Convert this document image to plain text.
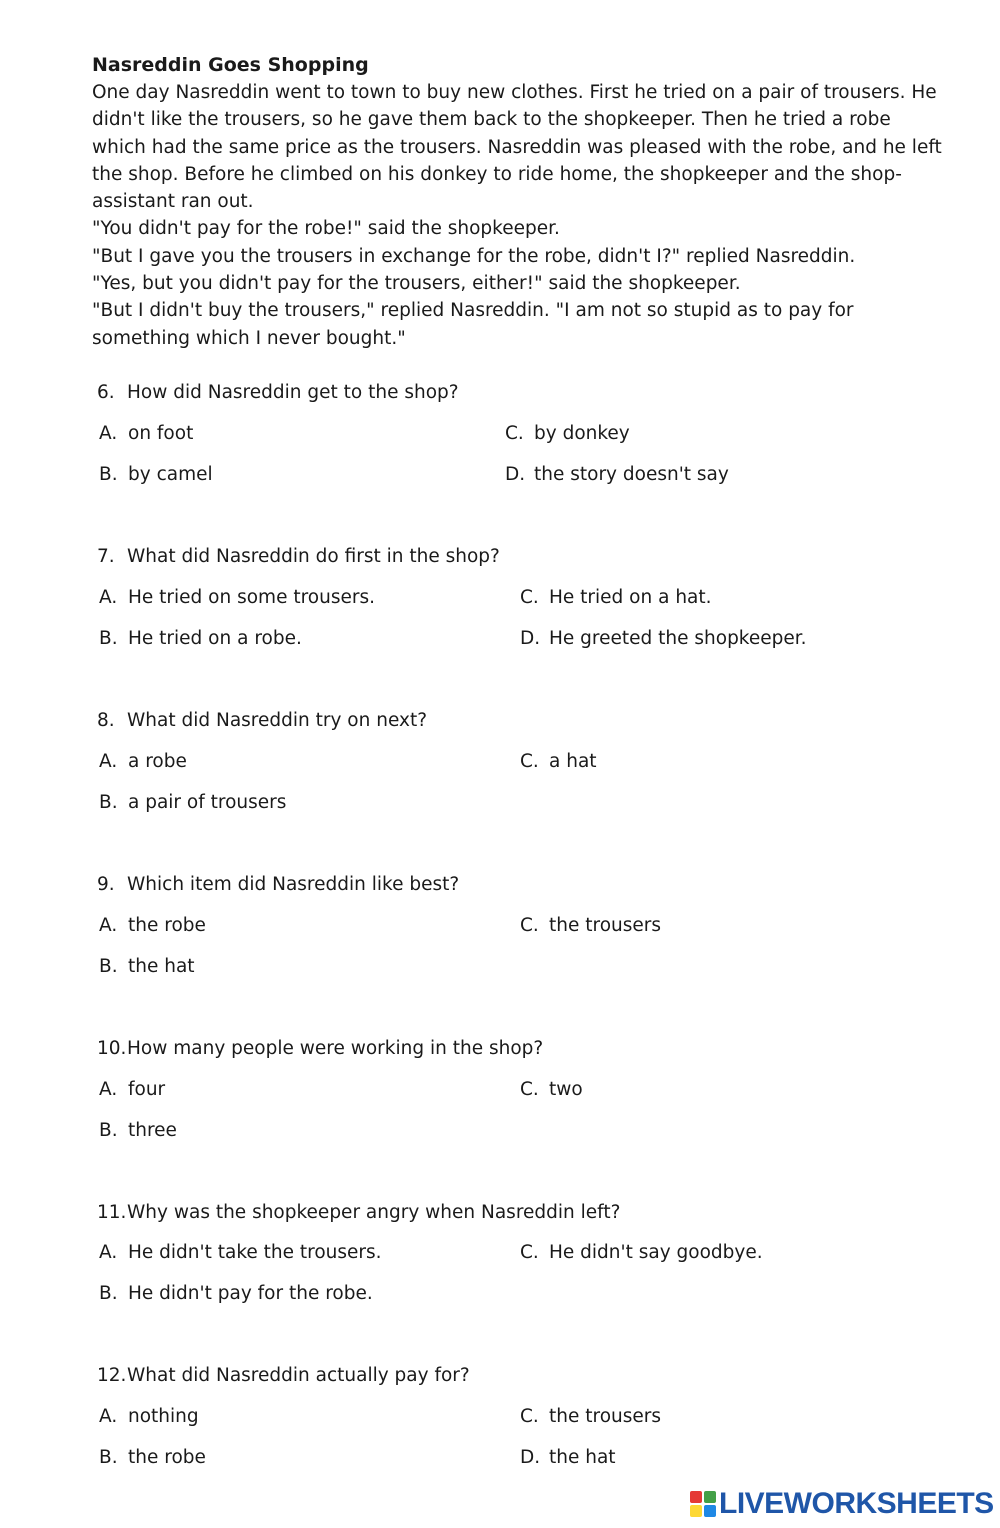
Nasreddin Goes Shopping

One day Nasreddin went to town to buy new clothes. First he tried on a pair of trousers. He didn't like the trousers, so he gave them back to the shopkeeper. Then he tried a robe which had the same price as the trousers. Nasreddin was pleased with the robe, and he left the shop. Before he climbed on his donkey to ride home, the shopkeeper and the shop-assistant ran out.

"You didn't pay for the robe!" said the shopkeeper.

"But I gave you the trousers in exchange for the robe, didn't I?" replied Nasreddin.

"Yes, but you didn't pay for the trousers, either!" said the shopkeeper.

"But I didn't buy the trousers," replied Nasreddin. "I am not so stupid as to pay for something which I never bought."

6. How did Nasreddin get to the shop?
A. on foot
B. by camel
C. by donkey
D. the story doesn't say
7. What did Nasreddin do first in the shop?
A. He tried on some trousers.
B. He tried on a robe.
C. He tried on a hat.
D. He greeted the shopkeeper.
8. What did Nasreddin try on next?
A. a robe
B. a pair of trousers
C. a hat
9. Which item did Nasreddin like best?
A. the robe
B. the hat
C. the trousers
10.How many people were working in the shop?
A. four
B. three
C. two
11.Why was the shopkeeper angry when Nasreddin left?
A. He didn't take the trousers.
B. He didn't pay for the robe.
C. He didn't say goodbye.
12.What did Nasreddin actually pay for?
A. nothing
B. the robe
C. the trousers
D. the hat
LIVEWORKSHEETS
